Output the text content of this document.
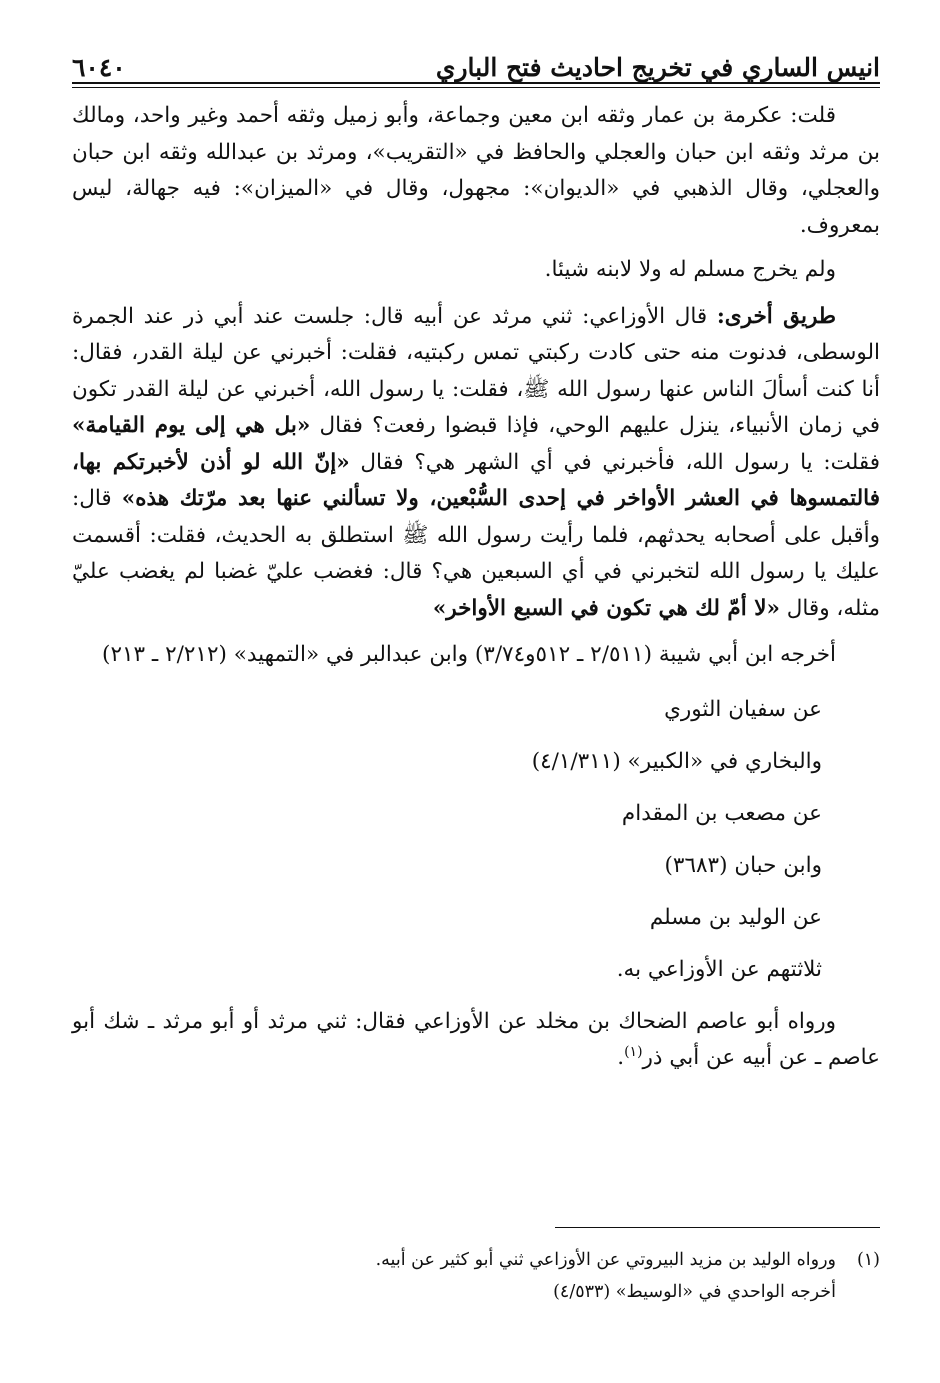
انيس الساري في تخريج احاديث فتح الباري
٦٠٤٠

قلت: عكرمة بن عمار وثقه ابن معين وجماعة، وأبو زميل وثقه أحمد وغير واحد، ومالك بن مرثد وثقه ابن حبان والعجلي والحافظ في «التقريب»، ومرثد بن عبدالله وثقه ابن حبان والعجلي، وقال الذهبي في «الديوان»: مجهول، وقال في «الميزان»: فيه جهالة، ليس بمعروف.

ولم يخرج مسلم له ولا لابنه شيئا.

طريق أخرى: قال الأوزاعي: ثني مرثد عن أبيه قال: جلست عند أبي ذر عند الجمرة الوسطى، فدنوت منه حتى كادت ركبتي تمس ركبتيه، فقلت: أخبرني عن ليلة القدر، فقال: أنا كنت أسألَ الناس عنها رسول الله ﷺ، فقلت: يا رسول الله، أخبرني عن ليلة القدر تكون في زمان الأنبياء، ينزل عليهم الوحي، فإذا قبضوا رفعت؟ فقال «بل هي إلى يوم القيامة» فقلت: يا رسول الله، فأخبرني في أي الشهر هي؟ فقال «إنّ الله لو أذن لأخبرتكم بها، فالتمسوها في العشر الأواخر في إحدى السُّبْعين، ولا تسألني عنها بعد مرّتك هذه» قال: وأقبل على أصحابه يحدثهم، فلما رأيت رسول الله ﷺ استطلق به الحديث، فقلت: أقسمت عليك يا رسول الله لتخبرني في أي السبعين هي؟ قال: فغضب عليّ غضبا لم يغضب عليّ مثله، وقال «لا أمّ لك هي تكون في السبع الأواخر»

أخرجه ابن أبي شيبة (٢/٥١١ ـ ٥١٢و٣/٧٤) وابن عبدالبر في «التمهيد» (٢/٢١٢ ـ ٢١٣)

عن سفيان الثوري

والبخاري في «الكبير» (٤/١/٣١١)

عن مصعب بن المقدام

وابن حبان (٣٦٨٣)

عن الوليد بن مسلم

ثلاثتهم عن الأوزاعي به.

ورواه أبو عاصم الضحاك بن مخلد عن الأوزاعي فقال: ثني مرثد أو أبو مرثد ـ شك أبو عاصم ـ عن أبيه عن أبي ذر$^{(١)}$.

(١)
ورواه الوليد بن مزيد البيروتي عن الأوزاعي ثني أبو كثير عن أبيه.

أخرجه الواحدي في «الوسيط» (٤/٥٣٣)
